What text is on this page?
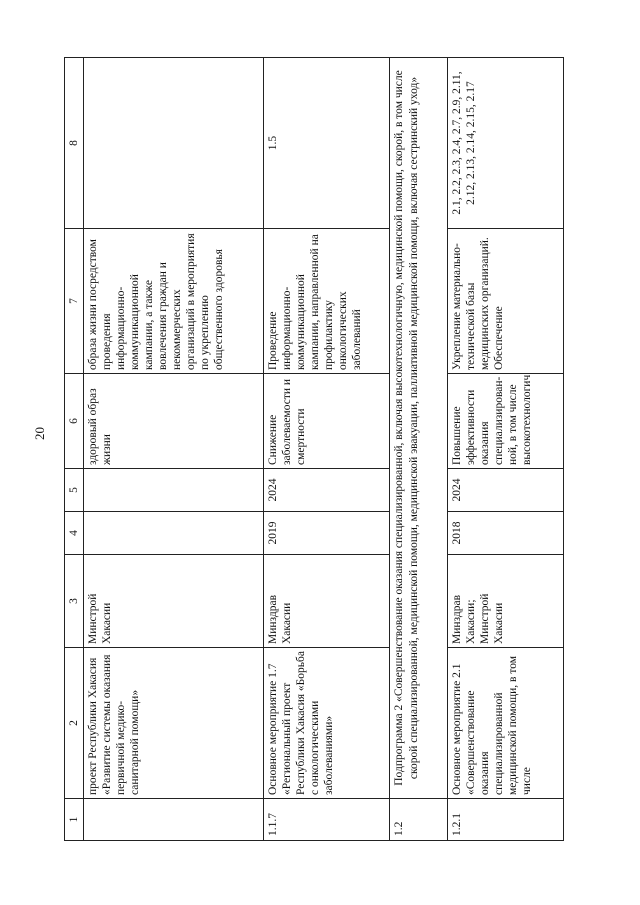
20
1	2	3	4	5	6	7	8
	проект Республики Хакасия «Развитие системы оказания первичной медико-санитарной помощи»	Минстрой Хакасии			здоровый образ жизни	образа жизни посредством проведения информационно-коммуникационной кампании, а также вовлечения граждан и некоммерческих организаций в мероприятия по укреплению общественного здоровья	
1.1.7	Основное мероприятие 1.7 «Региональный проект Республики Хакасия «Борьба с онкологическими заболеваниями»	Минздрав Хакасии	2019	2024	Снижение заболеваемости и смертности	Проведение информационно-коммуникационной кампании, направленной на профилактику онкологических заболеваний	1.5
1.2	Подпрограмма 2 «Совершенствование оказания специализированной, включая высокотехнологичную, медицинской помощи, скорой, в том числе скорой специализированной, медицинской помощи, медицинской эвакуации, паллиативной медицинской помощи, включая сестринский уход»						
1.2.1	Основное мероприятие 2.1 «Совершенствование оказания специализированной медицинской помощи, в том числе	Минздрав Хакасии; Минстрой Хакасии	2018	2024	Повышение эффективности оказания специализирован-ной, в том числе высокотехнологич	Укрепление материально-технической базы медицинских организаций. Обеспечение	2.1, 2.2, 2.3, 2.4, 2.7, 2.9, 2.11, 2.12, 2.13, 2.14, 2.15, 2.17
